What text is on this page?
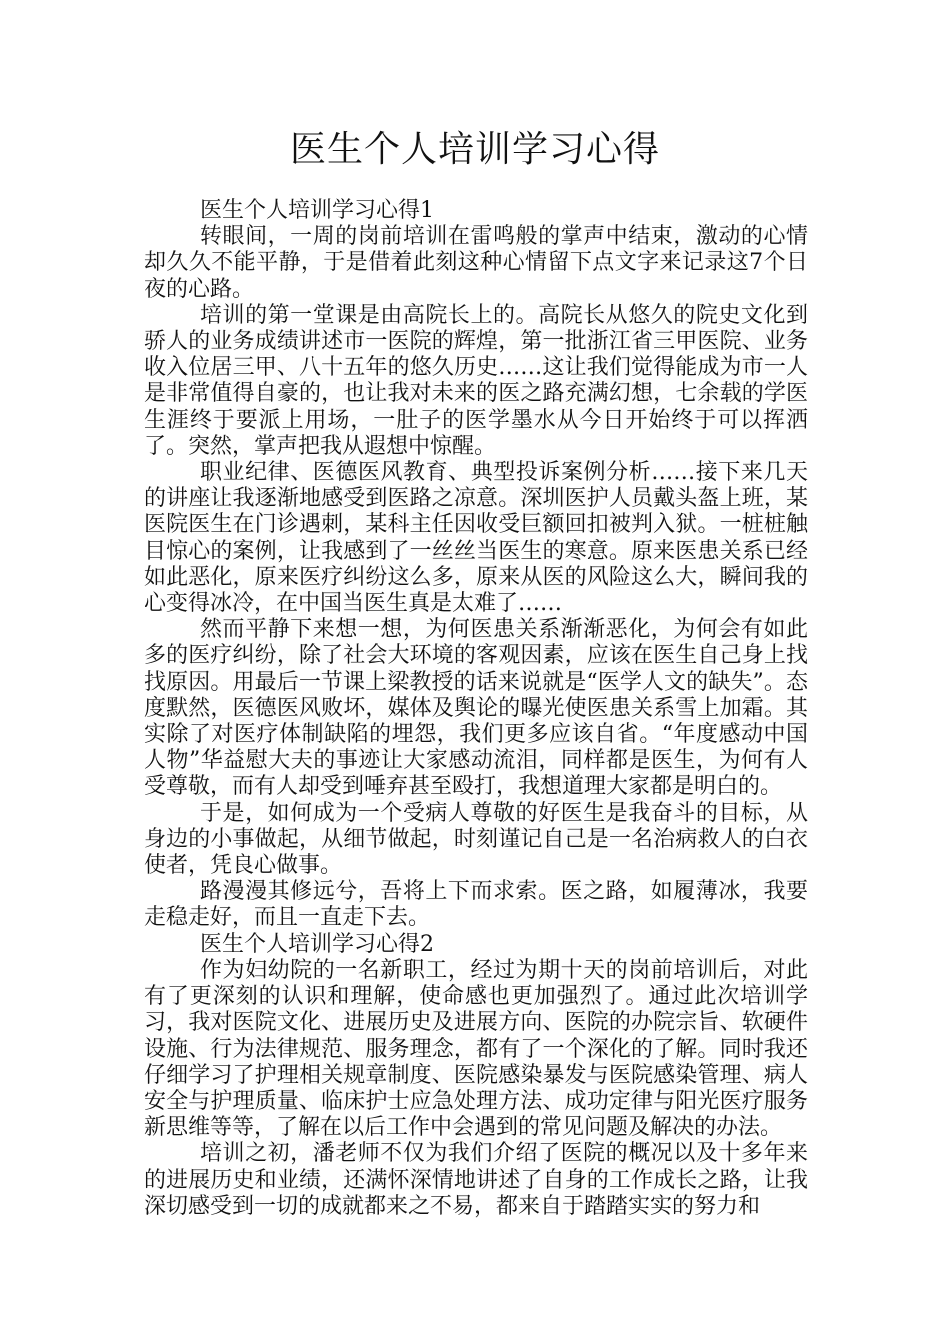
医生个人培训学习心得

医生个人培训学习心得1

转眼间，一周的岗前培训在雷鸣般的掌声中结束，激动的心情却久久不能平静，于是借着此刻这种心情留下点文字来记录这7个日夜的心路。

培训的第一堂课是由高院长上的。高院长从悠久的院史文化到骄人的业务成绩讲述市一医院的辉煌，第一批浙江省三甲医院、业务收入位居三甲、八十五年的悠久历史……这让我们觉得能成为市一人是非常值得自豪的，也让我对未来的医之路充满幻想，七余载的学医生涯终于要派上用场，一肚子的医学墨水从今日开始终于可以挥洒了。突然，掌声把我从遐想中惊醒。

职业纪律、医德医风教育、典型投诉案例分析……接下来几天的讲座让我逐渐地感受到医路之凉意。深圳医护人员戴头盔上班，某医院医生在门诊遇刺，某科主任因收受巨额回扣被判入狱。一桩桩触目惊心的案例，让我感到了一丝丝当医生的寒意。原来医患关系已经如此恶化，原来医疗纠纷这么多，原来从医的风险这么大，瞬间我的心变得冰冷，在中国当医生真是太难了……

然而平静下来想一想，为何医患关系渐渐恶化，为何会有如此多的医疗纠纷，除了社会大环境的客观因素，应该在医生自己身上找找原因。用最后一节课上梁教授的话来说就是“医学人文的缺失”。态度默然，医德医风败坏，媒体及舆论的曝光使医患关系雪上加霜。其实除了对医疗体制缺陷的埋怨，我们更多应该自省。“年度感动中国人物”华益慰大夫的事迹让大家感动流泪，同样都是医生，为何有人受尊敬，而有人却受到唾弃甚至殴打，我想道理大家都是明白的。

于是，如何成为一个受病人尊敬的好医生是我奋斗的目标，从身边的小事做起，从细节做起，时刻谨记自己是一名治病救人的白衣使者，凭良心做事。

路漫漫其修远兮，吾将上下而求索。医之路，如履薄冰，我要走稳走好，而且一直走下去。

医生个人培训学习心得2

作为妇幼院的一名新职工，经过为期十天的岗前培训后，对此有了更深刻的认识和理解，使命感也更加强烈了。通过此次培训学习，我对医院文化、进展历史及进展方向、医院的办院宗旨、软硬件设施、行为法律规范、服务理念，都有了一个深化的了解。同时我还仔细学习了护理相关规章制度、医院感染暴发与医院感染管理、病人安全与护理质量、临床护士应急处理方法、成功定律与阳光医疗服务新思维等等，了解在以后工作中会遇到的常见问题及解决的办法。

培训之初，潘老师不仅为我们介绍了医院的概况以及十多年来的进展历史和业绩，还满怀深情地讲述了自身的工作成长之路，让我深切感受到一切的成就都来之不易，都来自于踏踏实实的努力和
